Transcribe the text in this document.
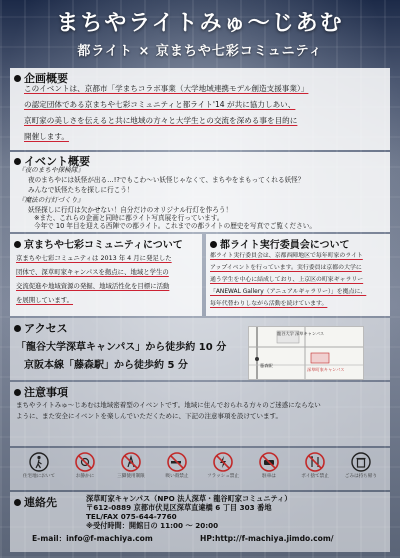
まちやライトみゅ〜じあむ
都ライト × 京まちや七彩コミュニティ
企画概要
このイベントは、京都市「学まちコラボ事業（大学地域連携モデル創造支援事業）」
の認定団体である京まちや七彩コミュニティと都ライト'14 が共に協力しあい、
京町家の美しさを伝えると共に地域の方々と大学生との交流を深める事を目的に
開催します。
イベント概要
『夜のまちや探検隊』
夜のまちやには妖怪が出る…!?でもこわ〜い妖怪じゃなくて、まちやをまもってくれる妖怪？
みんなで妖怪たちを探しに行こう！
『魔法の行灯づくり』
妖怪探しに行灯は欠かせない！自分だけのオリジナル行灯を作ろう！
※また、これらの企画と同時に都ライト写真展を行っています。
今年で 10 年目を迎える西陣での都ライト。これまでの都ライトの歴史を写真でご覧ください。
京まちや七彩コミュニティについて
京まちや七彩コミュニティは 2013 年 4 月に発足した
団体で、深草町家キャンパスを拠点に、地域と学生の
交流促進や地域資源の発掘、地域活性化を目標に活動
を展開しています。
都ライト実行委員会について
都ライト実行委員会は、京都西陣地区で毎年町家のライト
アップイベントを行っています。実行委員は京都の大学に
通う学生を中心に結成しており、上京区の町家ギャラリー
「ANEWAL Gallery（アニュアルギャラリー）」を拠点に、
毎年代替わりしながら活動を続けています。
アクセス
「龍谷大学深草キャンパス」から徒歩約 10 分
京阪本線「藤森駅」から徒歩約 5 分
龍谷大学 深草キャンパス
藤森駅
深草町家キャンパス
注意事項
まちやライトみゅ〜じあむは地域密着型のイベントです。地域に住んでおられる方々のご迷惑にならない
ように、また安全にイベントを楽しんでいただくために、下記の注意事項を設けています。
住宅地において	お静かに	三脚使用制限	吸い殻禁止	フラッシュ禁止	駐車は	ポイ捨て禁止	ごみは持ち帰り
連絡先	深草町家キャンパス（NPO 法人深草・龍谷町家コミュニティ）
〒612-0889 京都市伏見区深草直違橋 6 丁目 303 番地
TEL/FAX 075-644-7760
※受付時間：開館日の 11:00 〜 20:00
E-mail：info@f-machiya.com	HP:http://f-machiya.jimdo.com/
